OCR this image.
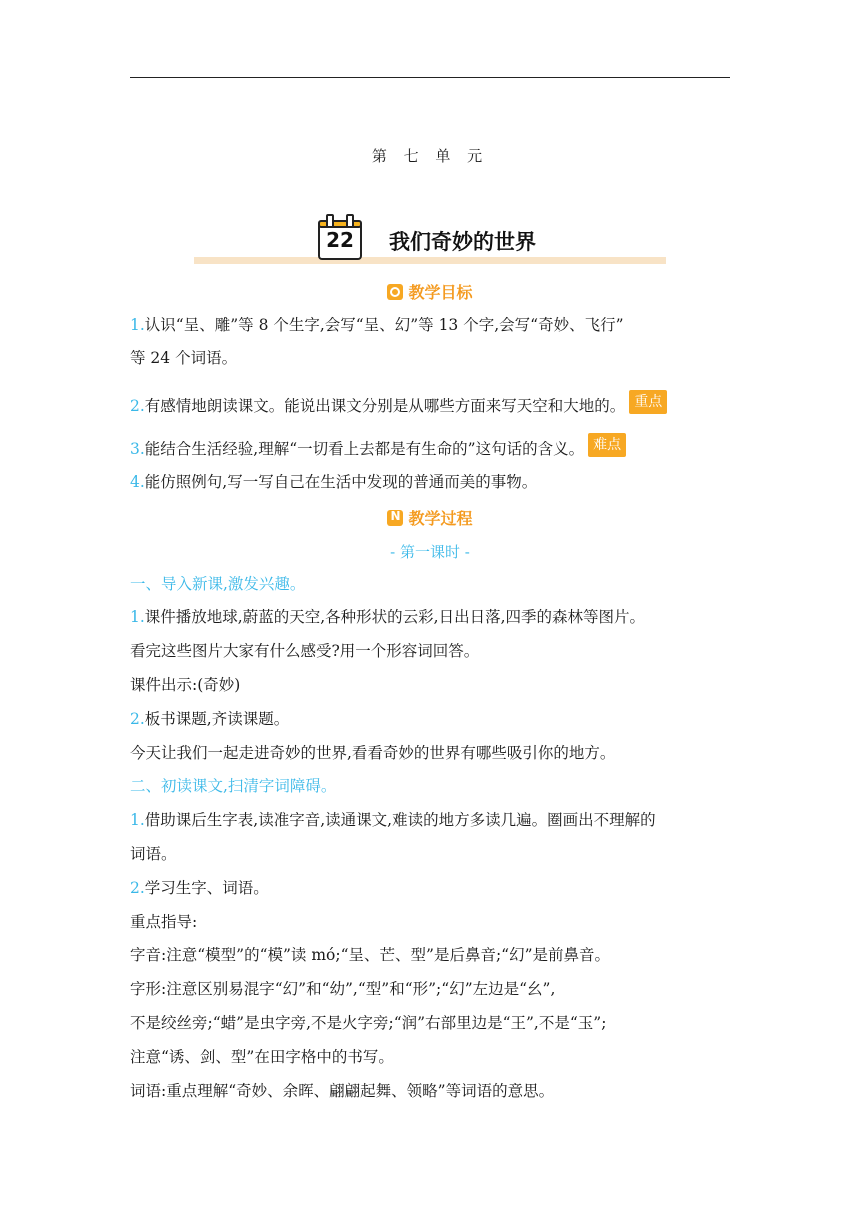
第 七 单 元
22	我们奇妙的世界
教学目标
1.认识“呈、雕”等 8 个生字,会写“呈、幻”等 13 个字,会写“奇妙、飞行”
等 24 个词语。
2.有感情地朗读课文。能说出课文分别是从哪些方面来写天空和大地的。 重点
3.能结合生活经验,理解“一切看上去都是有生命的”这句话的含义。 难点
4.能仿照例句,写一写自己在生活中发现的普通而美的事物。
N教学过程
- 第一课时 -
一、导入新课,激发兴趣。
1.课件播放地球,蔚蓝的天空,各种形状的云彩,日出日落,四季的森林等图片。
看完这些图片大家有什么感受?用一个形容词回答。
课件出示:(奇妙)
2.板书课题,齐读课题。
今天让我们一起走进奇妙的世界,看看奇妙的世界有哪些吸引你的地方。
二、初读课文,扫清字词障碍。
1.借助课后生字表,读准字音,读通课文,难读的地方多读几遍。圈画出不理解的
词语。
2.学习生字、词语。
重点指导:
字音:注意“模型”的“模”读 mó;“呈、芒、型”是后鼻音;“幻”是前鼻音。
字形:注意区别易混字“幻”和“幼”,“型”和“形”;“幻”左边是“幺”,
不是绞丝旁;“蜡”是虫字旁,不是火字旁;“润”右部里边是“王”,不是“玉”;
注意“诱、剑、型”在田字格中的书写。
词语:重点理解“奇妙、余晖、翩翩起舞、领略”等词语的意思。
